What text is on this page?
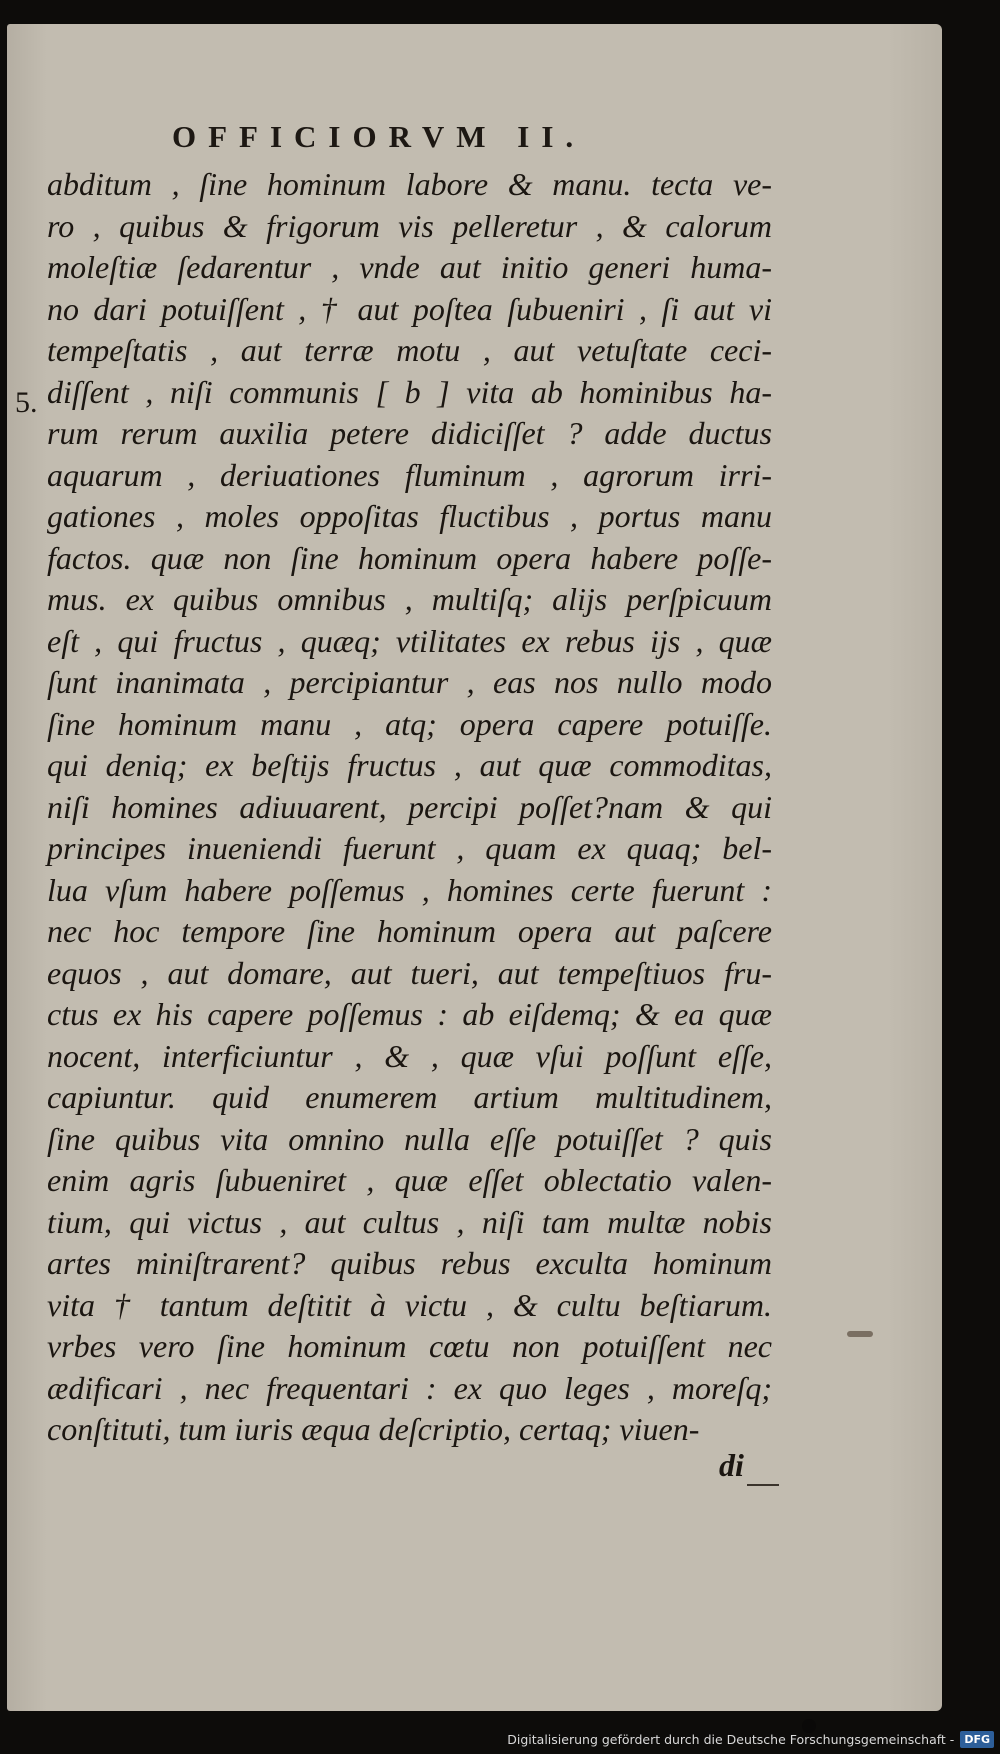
OFFICIORVM II.
5.
abditum , ſine hominum labore & manu. tecta ve-
ro , quibus & frigorum vis pelleretur , & calorum
moleſtiæ ſedarentur , vnde aut initio generi huma-
no dari potuiſſent , † aut poſtea ſubueniri , ſi aut vi
tempeſtatis , aut terræ motu , aut vetuſtate ceci-
diſſent , niſi communis [ b ] vita ab hominibus ha-
rum rerum auxilia petere didiciſſet ? adde ductus
aquarum , deriuationes fluminum , agrorum irri-
gationes , moles oppoſitas fluctibus , portus manu
factos. quæ non ſine hominum opera habere poſſe-
mus. ex quibus omnibus , multiſq; alijs perſpicuum
eſt , qui fructus , quæq; vtilitates ex rebus ijs , quæ
ſunt inanimata , percipiantur , eas nos nullo modo
ſine hominum manu , atq; opera capere potuiſſe.
qui deniq; ex beſtijs fructus , aut quæ commoditas,
niſi homines adiuuarent, percipi poſſet?nam & qui
principes inueniendi fuerunt , quam ex quaq; bel-
lua vſum habere poſſemus , homines certe fuerunt :
nec hoc tempore ſine hominum opera aut paſcere
equos , aut domare, aut tueri, aut tempeſtiuos fru-
ctus ex his capere poſſemus : ab eiſdemq; & ea quæ
nocent, interficiuntur , & , quæ vſui poſſunt eſſe,
capiuntur. quid enumerem artium multitudinem,
ſine quibus vita omnino nulla eſſe potuiſſet ? quis
enim agris ſubueniret , quæ eſſet oblectatio valen-
tium, qui victus , aut cultus , niſi tam multæ nobis
artes miniſtrarent? quibus rebus exculta hominum
vita † tantum deſtitit à victu , & cultu beſtiarum.
vrbes vero ſine hominum cœtu non potuiſſent nec
ædificari , nec frequentari : ex quo leges , moreſq;
conſtituti, tum iuris æqua deſcriptio, certaq; viuen-
di
Digitalisierung gefördert durch die Deutsche Forschungsgemeinschaft - DFG
